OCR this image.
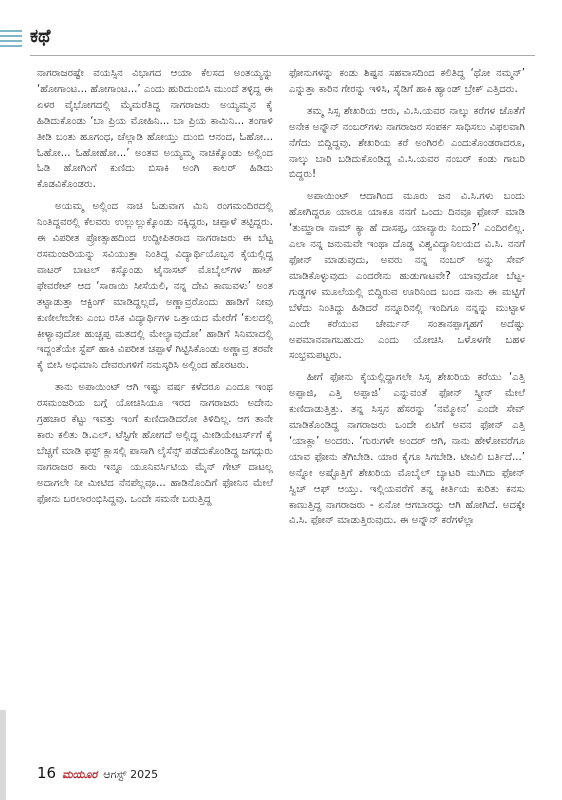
ಕಥೆ

ನಾಗರಾಜರಷ್ಟೇ ವಯಸ್ಸಿನ ವಿಭಾಗದ ಆಯಾ ಕೆಲಸದ ಅಂತಯ್ಯನ್ನು ‘ಹೋಗಾಂಟ... ಹೋಗಾಂಟ...’ ಎಂದು ಹುರಿದುಂಬಿಸಿ ಮುಂದೆ ತಳ್ಳಿದ್ದ ಈ ಏಳರ ವೈಭೋಗದಲ್ಲಿ ಮೈಮರೆತಿದ್ದ ನಾಗರಾಜರು ಅಯ್ಯಮ್ಮನ ಕೈ ಹಿಡಿದುಕೊಂಡು ‘ಬಾ ಪ್ರಿಯ ಮೋಹಿನಿ... ಬಾ ಪ್ರಿಯ ಕಾಮಿನಿ... ತಂಗಾಳಿ ತೀಡಿ ಬಂತು ಹೂಗಂಧ, ಚೆಲ್ಲಾಡಿ ಹೋಯ್ತು ದುಂಬಿ ಆನಂದ, ಓಹೋ... ಓಹೋ... ಓಹೋಹೋ...’ ಅಂತವ ಅಯ್ಯಮ್ಮ ನಾಚಿಕ್ಕೊಂಡು ಅಲ್ಲಿಂದ ಓಡಿ ಹೋಗಿಂಗೆ ಕುಣಿದು ಬಿಸಾಕಿ ಅಂಗಿ ಕಾಲರ್ ಹಿಡಿದು ಕೊಡವಿಕೊಂಡರು.

ಅಯಮ್ಮ ಅಲ್ಲಿಂದ ನಾಚಿ ಓಡುವಾಗ ಮಿನಿ ರಂಗಮಂದಿರದಲ್ಲಿ ನಿಂತಿದ್ದವರಲ್ಲಿ ಕೆಲವರು ಉಲ್ಲುಲ್ಲುಕ್ಕೊಂಡು ನಕ್ಕಿದ್ದರು, ಚಪ್ಪಾಳೆ ತಟ್ಟಿದ್ದರು. ಈ ವಿಪರೀತ ಪ್ರೋತ್ಸಾಹದಿಂದ ಉದ್ದೀಪಿತರಾದ ನಾಗರಾಜರು ಈ ಬೆಟ್ಟ ರಸಮಂಜರಿಯನ್ನು ಸವಿಯುತ್ತಾ ನಿಂತಿದ್ದ ವಿದ್ಯಾರ್ಥಿಯೊಬ್ಬನ ಕೈಯಲ್ಲಿದ್ದ ವಾಟರ್ ಬಾಟಲ್ ಕಸ್ಕೊಂಡು ಟೈನಾಸಟ್ ಮೊಬೈಲ್‌ಗಳ ಹಾಟ್ ಫೇವರೇಟ್ ಆದ ‘ಸಾರಾಯಿ ಸೀಸೆಯಲಿ, ನನ್ನ ದೇವಿ ಕಾಣುವಳು’ ಅಂತ ತಟ್ಟಾಡುತ್ತಾ ಆಕ್ಟಿಂಗ್ ಮಾಡಿದ್ದಲ್ಲದೆ, ಅಣ್ಣಾವ್ರರೊಂದು ಹಾಡಿಗೆ ನೀವು ಕುಣೀಲೇಬೇಕು ಎಂಬ ರಸಿಕ ವಿದ್ಯಾರ್ಥಿಗಳ ಒತ್ತಾಯದ ಮೇರೆಗೆ ‘ಕುಲದಲ್ಲಿ ಕೀಳ್ಯಾವುದೋ ಹುಚ್ಚಪ್ಪ ಮತದಲ್ಲಿ ಮೇಲ್ಯಾವುದೋ’ ಹಾಡಿಗೆ ಸಿನಿಮಾದಲ್ಲಿ ಇದ್ದಂತೆಯೇ ಸ್ಟೆಪ್ ಹಾಕಿ ವಿಪರೀತ ಚಪ್ಪಾಳೆ ಗಿಟ್ಟಿಸಿಕೊಂಡು ಅಣ್ಣಾವ್ರ ತರವೇ ಕೈ ಬೀಸಿ ಅಭಿಮಾನಿ ದೇವರುಗಳಿಗೆ ನಮಸ್ಕರಿಸಿ ಅಲ್ಲಿಂದ ಹೊರಟರು.

ತಾನು ಅಪಾಯಿಂಟ್ ಆಗಿ ಇಷ್ಟು ವರ್ಷ ಕಳೆದರೂ ಎಂದೂ ಇಂಥ ರಸಮಂಜರಿಯ ಬಗ್ಗೆ ಯೋಚಿಸಿಯೂ ಇರದ ನಾಗರಾಜರು ಅದೇನು ಗ್ರಹಚಾರ ಕೆಟ್ಟು ಇವತ್ತು ಇಂಗೆ ಕುಣಿದಾಡಿದರೋ ತಿಳಿದಿಲ್ಲ. ಆಗ ತಾನೇ ಕಾರು ಕಲಿತು ಡಿ.ಎಲ್. ಟೆಸ್ಟಿಗೇ ಹೋಗದೆ ಅಲ್ಲಿದ್ದ ಮೀಡಿಯೇಟರ್ಸ್‌ಗೆ ಕೈ ಬೆಚ್ಚಗೆ ಮಾಡಿ ಫಸ್ಟ್ ಕ್ಲಾಸಲ್ಲಿ ಪಾಸಾಗಿ ಲೈಸೆನ್ಸ್ ಪಡೆದುಕೊಂಡಿದ್ದ ಜಗದ್ಗುರು ನಾಗರಾಜರ ಕಾರು ಇನ್ನೂ ಯೂನಿವರ್ಸಿಟಿಯ ಮೈನ್ ಗೇಟ್ ದಾಟಲ್ಲ ಅದಾಗಲೇ ನೀ ಮೀಟಿದ ನೆನಪೆಲ್ಲವೂ... ಹಾಡಿನೊಂದಿಗೆ ಫೋನಿನ ಮೇಲೆ ಫೋನು ಬರಲಾರಂಭಿಸಿದ್ದವು. ಒಂದೇ ಸಮನೇ ಬರುತ್ತಿದ್ದ

ಫೋನುಗಳನ್ನು ಕಂಡು ಶಿಷ್ಟನ ಸಹವಾಸದಿಂದ ಕಲಿತಿದ್ದ ‘ಥೋ ನಮ್ಮನ್’ ಎನ್ನುತ್ತಾ ಕಾರಿನ ಗೇರನ್ನು ಇಳಿಸಿ, ಸೈಡಿಗೆ ಹಾಕಿ ಹ್ಯಾಂಡ್ ಬ್ರೇಕ್ ಎತ್ತಿದರು.

ತಮ್ಮ ಸಿಸ್ಸ ಶೇಖರಿಯ ಆರು, ವಿ.ಸಿ.ಯವರ ನಾಲ್ಕು ಕರೆಗಳ ಜೊತೆಗೆ ಅನೇಕ ಅನ್ನೌನ್ ನಂಬರ್‌ಗಳು ನಾಗರಾಜರ ಸಂಪರ್ಕ ಸಾಧಿಸಲು ವಿಫಲವಾಗಿ ನೆಗೆದು ಬಿದ್ದಿದ್ದವು. ಶೇಖರಿಯ ಕರೆ ಅಂಗಿರಲಿ ಎಂದುಕೊಂಡರಾದರೂ, ನಾಲ್ಕು ಬಾರಿ ಬಡಿದುಕೊಂಡಿದ್ದ ವಿ.ಸಿ.ಯವರ ನಂಬರ್ ಕಂಡು ಗಾಬರಿ ಬಿದ್ದರು!

ಅಪಾಯಿಂಟ್ ಆದಾಗಿಂದ ಮೂರು ಜನ ವಿ.ಸಿ.ಗಳು ಬಂದು ಹೋಗಿದ್ದರೂ ಯಾರೂ ಯಾಕೂ ನನಗೆ ಒಂದು ದಿನವೂ ಫೋನ್ ಮಾಡಿ ‘ತುಮ್ಹಾರಾ ನಾಮ್ ಕ್ಯಾ ಹೆ ದಾಸಪ್ಪ, ಯಾವ್ಯಾರು ನಿಂದು?’ ಎಂದಿರಲಿಲ್ಲ. ಎಲಾ ನನ್ನ ಜನುಮವೇ ಇಂಥಾ ದೊಡ್ಡ ವಿಶ್ವವಿದ್ಯಾನಿಲಯದ ವಿ.ಸಿ. ನನಗೆ ಫೋನ್ ಮಾಡುವುದು, ಅವರು ನನ್ನ ನಂಬರ್ ಅನ್ನು ಸೇವ್ ಮಾಡಿಕೊಳ್ಳುವುದು ಎಂದರೇನು ಹುಡುಗಾಟವೇ? ಯಾವುದೋ ಬೆಟ್ಟ-ಗುಡ್ಡಗಳ ಮೂಲೆಯಲ್ಲಿ ಬಿದ್ದಿರುವ ಊರಿನಿಂದ ಬಂದ ನಾನು ಈ ಮಟ್ಟಿಗೆ ಬೆಳೆದು ನಿಂತಿದ್ದು ಹಿಡಿದರೆ ನನ್ನೂರಿನಲ್ಲಿ ಇಂದಿಗೂ ನನ್ನನ್ನು ಮುಟ್ಟಾಳ ಎಂದೇ ಕರೆಯುವ ಚೇರ್ಮನ್ ಸಂತಾನಪ್ಪಾಗೃಹಗೆ ಅದೆಷ್ಟು ಅಪಮಾನವಾಗಬಹುದು ಎಂದು ಯೋಚಿಸಿ ಒಳೊಳಗೇ ಬಹಳ ಸಂಭ್ರಮಪಟ್ಟರು.

ಹೀಗೆ ಫೋನು ಕೈಯಲ್ಲಿದ್ದಾಗಲೇ ಸಿಸ್ಸ ಶೇಖರಿಯ ಕರೆಯು ‘ಎತ್ತಿ ಅಪ್ಪಾಜಿ, ಎತ್ತಿ ಅಪ್ಪಾಜಿ’ ಎನ್ನುವಂತೆ ಫೋನ್ ಸ್ಕ್ರೀನ್ ಮೇಲೆ ಕುಣಿದಾಡುತ್ತಿತ್ತು. ತನ್ನ ಸಿಸ್ಸನ ಹೆಸರನ್ನು ‘ನಮ್ಮೋನ’ ಎಂದೇ ಸೇವ್ ಮಾಡಿಕೊಂಡಿದ್ದ ನಾಗರಾಜರು ಒಂದೇ ಏಟಿಗೆ ಅವನ ಫೋನ್ ಎತ್ತಿ ‘ಯಾಕ್ಲಾ’ ಅಂದರು. ‘ಗುರುಗಳೇ ಅಂದರ್ ಆಗಿ, ನಾನು ಹೇಳೋವರೆಗೂ ಯಾವ ಫೋನು ತೆಗಿಬೇಡಿ. ಯಾರ ಕೈಗೂ ಸಿಗಬೇಡಿ. ಟೀವಿಲಿ ಬರ್ತಿದೆ...’ ಅನ್ನೋ ಅಷ್ಟೊತ್ತಿಗೆ ಶೇಖರಿಯ ಮೊಬೈಲ್ ಬ್ಯಾಟರಿ ಮುಗಿದು ಫೋನ್ ಸ್ವಿಚ್ ಆಫ್ ಆಯ್ತು. ಇಲ್ಲಿಯವರೆಗೆ ತನ್ನ ಕೀರ್ತಿಯ ಕುರಿತು ಕನಸು ಕಾಣುತ್ತಿದ್ದ ನಾಗರಾಜರು - ಏನೋ ಆಗಬಾರದ್ದು ಆಗಿ ಹೋಗಿದೆ. ಅದಕ್ಕೇ ವಿ.ಸಿ. ಫೋನ್ ಮಾಡುತ್ತಿರುವುದು. ಈ ಅನ್ನೌನ್ ಕರೆಗಳೆಲ್ಲಾ

16 ಮಯೂರ ಆಗಸ್ಟ್ 2025
